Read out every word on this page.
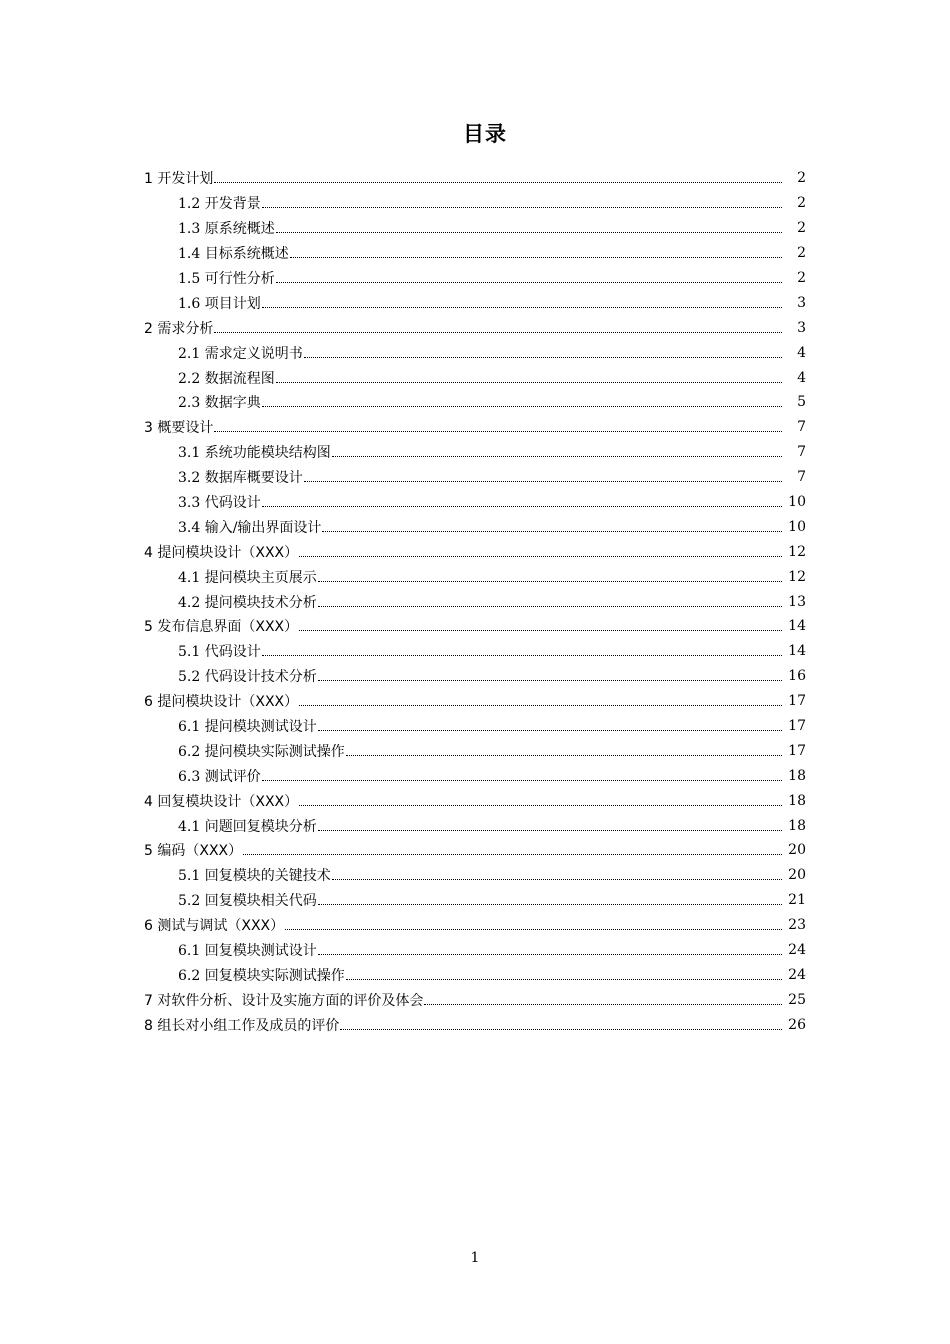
目录
1 开发计划	2
1.2 开发背景	2
1.3 原系统概述	2
1.4 目标系统概述	2
1.5 可行性分析	2
1.6 项目计划	3
2 需求分析	3
2.1 需求定义说明书	4
2.2 数据流程图	4
2.3 数据字典	5
3 概要设计	7
3.1 系统功能模块结构图	7
3.2 数据库概要设计	7
3.3 代码设计	10
3.4 输入/输出界面设计	10
4 提问模块设计（XXX）	12
4.1 提问模块主页展示	12
4.2 提问模块技术分析	13
5 发布信息界面（XXX）	14
5.1 代码设计	14
5.2 代码设计技术分析	16
6 提问模块设计（XXX）	17
6.1 提问模块测试设计	17
6.2 提问模块实际测试操作	17
6.3 测试评价	18
4 回复模块设计（XXX）	18
4.1 问题回复模块分析	18
5 编码（XXX）	20
5.1 回复模块的关键技术	20
5.2 回复模块相关代码	21
6 测试与调试（XXX）	23
6.1 回复模块测试设计	24
6.2 回复模块实际测试操作	24
7 对软件分析、设计及实施方面的评价及体会	25
8 组长对小组工作及成员的评价	26
1
